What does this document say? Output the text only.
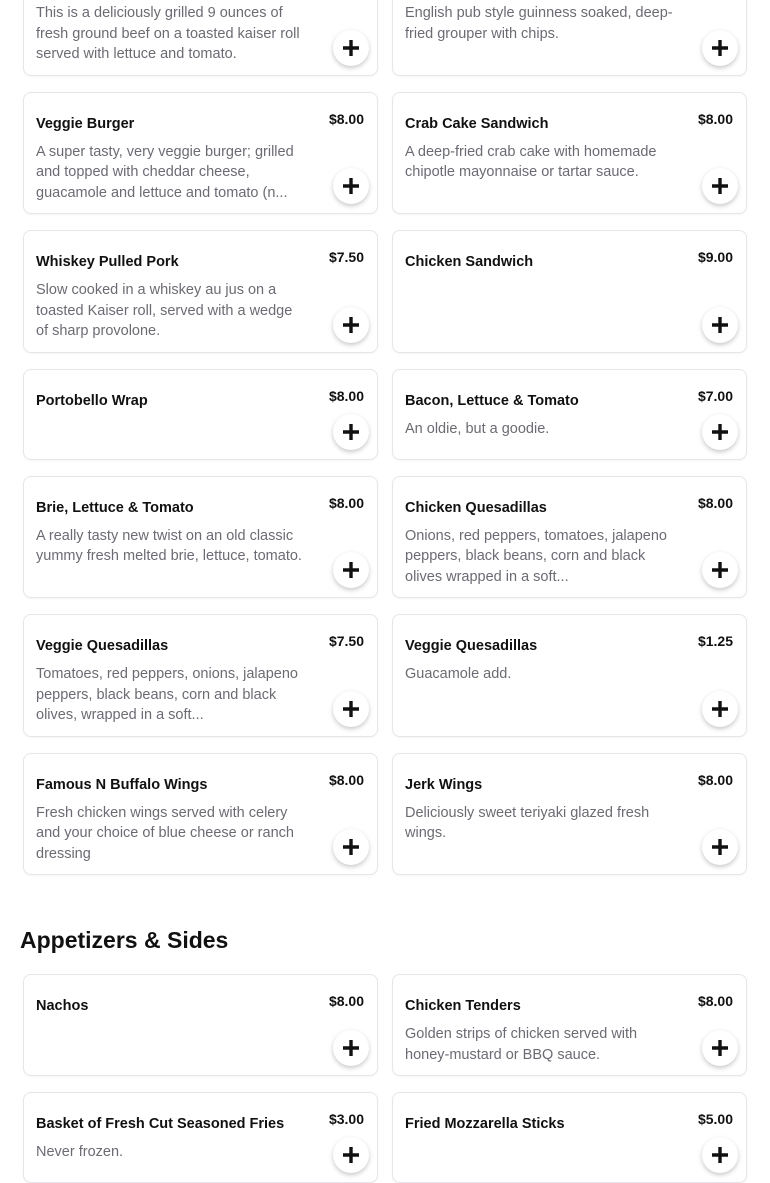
This is a deliciously grilled 9 ounces of fresh ground beef on a toasted kaiser roll served with lettuce and tomato.
English pub style guinness soaked, deep-fried grouper with chips.
Veggie Burger	$8.00
A super tasty, very veggie burger; grilled and topped with cheddar cheese, guacamole and lettuce and tomato (n...
Crab Cake Sandwich	$8.00
A deep-fried crab cake with homemade chipotle mayonnaise or tartar sauce.
Whiskey Pulled Pork	$7.50
Slow cooked in a whiskey au jus on a toasted Kaiser roll, served with a wedge of sharp provolone.
Chicken Sandwich	$9.00
Portobello Wrap	$8.00	Bacon, Lettuce & Tomato	$7.00
An oldie, but a goodie.
Brie, Lettuce & Tomato	$8.00
A really tasty new twist on an old classic yummy fresh melted brie, lettuce, tomato.
Chicken Quesadillas	$8.00
Onions, red peppers, tomatoes, jalapeno peppers, black beans, corn and black olives wrapped in a soft...
Veggie Quesadillas	$7.50
Tomatoes, red peppers, onions, jalapeno peppers, black beans, corn and black olives, wrapped in a soft...
Veggie Quesadillas	$1.25
Guacamole add.
Famous N Buffalo Wings	$8.00
Fresh chicken wings served with celery and your choice of blue cheese or ranch dressing
Jerk Wings	$8.00
Deliciously sweet teriyaki glazed fresh wings.
Appetizers & Sides
Nachos	$8.00	Chicken Tenders	$8.00
Golden strips of chicken served with honey-mustard or BBQ sauce.
Basket of Fresh Cut Seasoned Fries	$3.00
Never frozen.
Fried Mozzarella Sticks	$5.00
